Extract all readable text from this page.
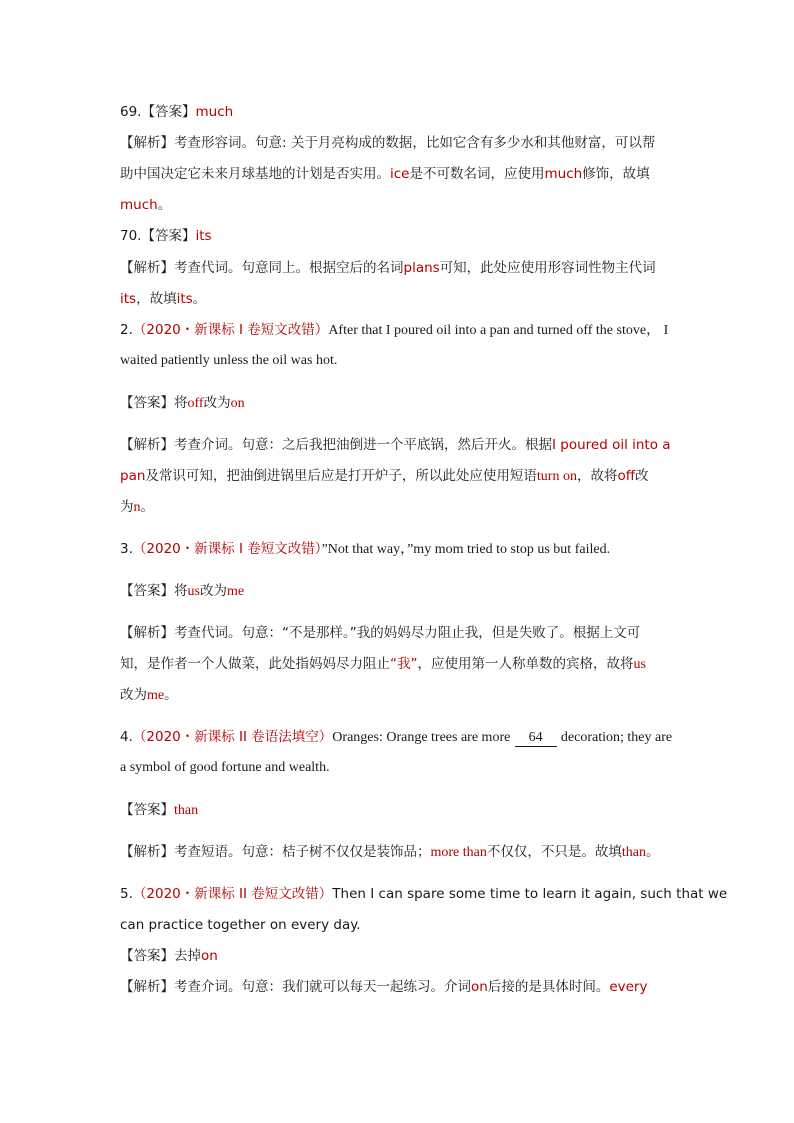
69.【答案】much
【解析】考查形容词。句意: 关于月亮构成的数据，比如它含有多少水和其他财富，可以帮
助中国决定它未来月球基地的计划是否实用。ice是不可数名词，应使用much修饰，故填
much。
70.【答案】its
【解析】考查代词。句意同上。根据空后的名词plans可知，此处应使用形容词性物主代词
its，故填its。
2.（2020・新课标 I 卷短文改错）After that I poured oil into a pan and turned off the stove， I
waited patiently unless the oil was hot.
【答案】将off改为on
【解析】考查介词。句意：之后我把油倒进一个平底锅，然后开火。根据I poured oil into a
pan及常识可知，把油倒进锅里后应是打开炉子，所以此处应使用短语turn on，故将off改
为n。
3.（2020・新课标 I 卷短文改错）”Not that way，”my mom tried to stop us but failed.
【答案】将us改为me
【解析】考查代词。句意：“不是那样。”我的妈妈尽力阻止我，但是失败了。根据上文可
知，是作者一个人做菜，此处指妈妈尽力阻止“我”，应使用第一人称单数的宾格，故将us
改为me。
4.（2020・新课标 II 卷语法填空）Oranges: Orange trees are more 64 decoration; they are
a symbol of good fortune and wealth.
【答案】than
【解析】考查短语。句意：桔子树不仅仅是装饰品；more than不仅仅，不只是。故填than。
5.（2020・新课标 II 卷短文改错）Then I can spare some time to learn it again, such that we
can practice together on every day.
【答案】去掉on
【解析】考查介词。句意：我们就可以每天一起练习。介词on后接的是具体时间。every
